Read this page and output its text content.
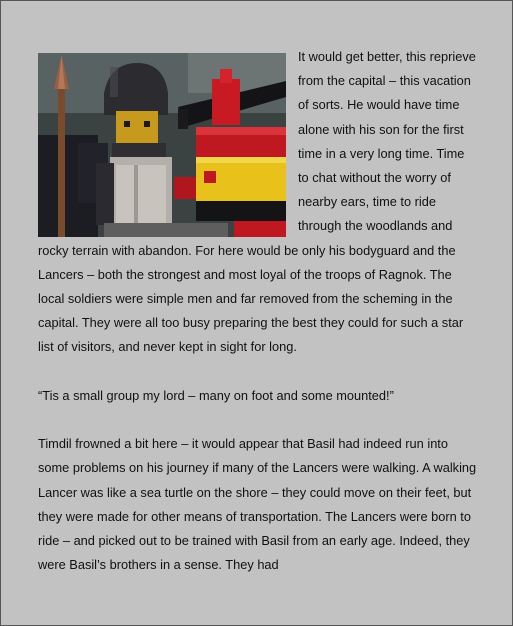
It would get better, this reprieve from the capital – this vacation of sorts. He would have time alone with his son for the first time in a very long time. Time to chat without the worry of nearby ears, time to ride through the woodlands and rocky terrain with abandon. For here would be only his bodyguard and the Lancers – both the strongest and most loyal of the troops of Ragnok. The local soldiers were simple men and far removed from the scheming in the capital. They were all too busy preparing the best they could for such a star list of visitors, and never kept in sight for long.

“Tis a small group my lord – many on foot and some mounted!”

Timdil frowned a bit here – it would appear that Basil had indeed run into some problems on his journey if many of the Lancers were walking. A walking Lancer was like a sea turtle on the shore – they could move on their feet, but they were made for other means of transportation. The Lancers were born to ride – and picked out to be trained with Basil from an early age. Indeed, they were Basil’s brothers in a sense. They had
